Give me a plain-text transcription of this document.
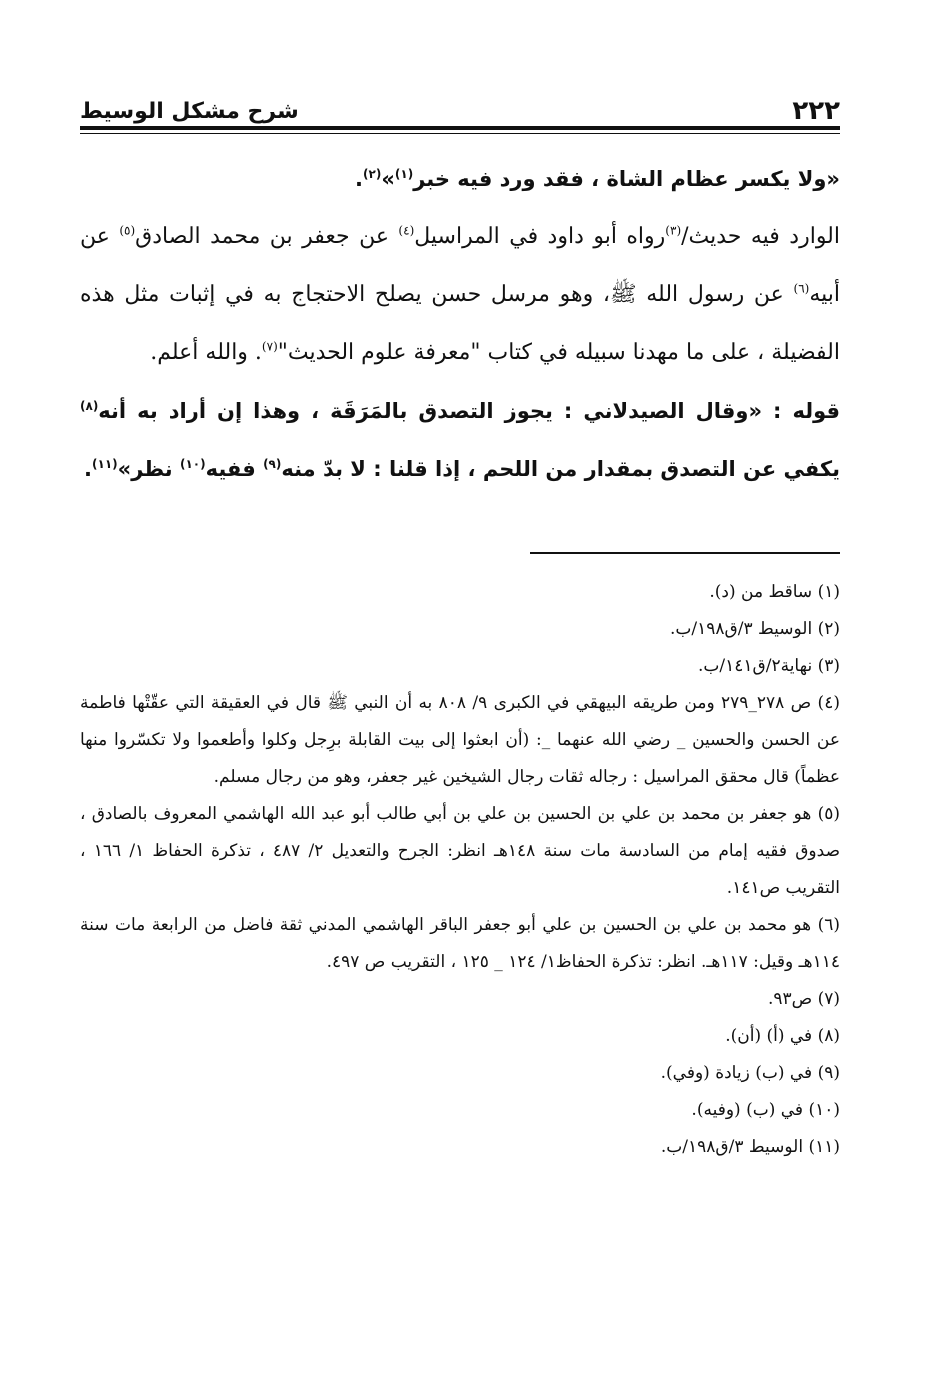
٢٢٢
شرح مشكل الوسيط

«ولا يكسر عظام الشاة ، فقد ورد فيه خبر$^{(١)}$»$^{(٢)}$.

الوارد فيه حديث/$^{(٣)}$رواه أبو داود في المراسيل$^{(٤)}$ عن جعفر بن محمد الصادق$^{(٥)}$ عن أبيه$^{(٦)}$ عن رسول الله ﷺ، وهو مرسل حسن يصلح الاحتجاج به في إثبات مثل هذه الفضيلة ، على ما مهدنا سبيله في كتاب "معرفة علوم الحديث"$^{(٧)}$. والله أعلم.

قوله : «وقال الصيدلاني : يجوز التصدق بالمَرَقَة ، وهذا إن أراد به أنه$^{(٨)}$ يكفي عن التصدق بمقدار من اللحم ، إذا قلنا : لا بدّ منه$^{(٩)}$ ففيه$^{(١٠)}$ نظر»$^{(١١)}$.

(١) ساقط من (د).

(٢) الوسيط ٣/ق١٩٨/ب.

(٣) نهاية٢/ق١٤١/ب.

(٤) ص ٢٧٨_٢٧٩ ومن طريقه البيهقي في الكبرى ٩/ ٨٠٨ به أن النبي ﷺ قال في العقيقة التي عقّتْها فاطمة عن الحسن والحسين _ رضي الله عنهما _: (أن ابعثوا إلى بيت القابلة برِجل وكلوا وأطعموا ولا تكسّروا منها عظماً) قال محقق المراسيل : رجاله ثقات رجال الشيخين غير جعفر، وهو من رجال مسلم.

(٥) هو جعفر بن محمد بن علي بن الحسين بن علي بن أبي طالب أبو عبد الله الهاشمي المعروف بالصادق ، صدوق فقيه إمام من السادسة مات سنة ١٤٨هـ انظر: الجرح والتعديل ٢/ ٤٨٧ ، تذكرة الحفاظ ١/ ١٦٦ ، التقريب ص١٤١.

(٦) هو محمد بن علي بن الحسين بن علي أبو جعفر الباقر الهاشمي المدني ثقة فاضل من الرابعة مات سنة ١١٤هـ وقيل: ١١٧هـ. انظر: تذكرة الحفاظ١/ ١٢٤ _ ١٢٥ ، التقريب ص ٤٩٧.

(٧) ص٩٣.

(٨) في (أ) (أن).

(٩) في (ب) زيادة (وفي).

(١٠) في (ب) (وفيه).

(١١) الوسيط ٣/ق١٩٨/ب.
